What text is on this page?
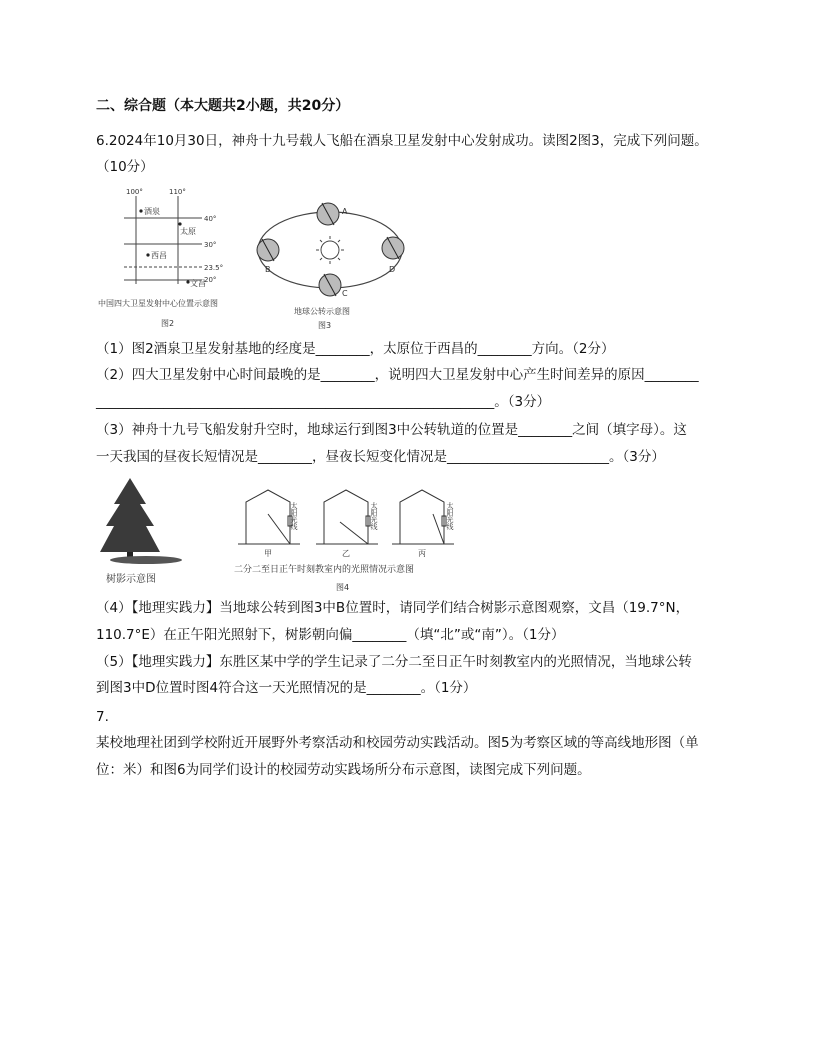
二、综合题（本大题共2小题，共20分）
6.2024年10月30日，神舟十九号载人飞船在酒泉卫星发射中心发射成功。读图2图3，完成下列问题。
（10分）
100°	110°
40°
30°
23.5°
20°
酒泉
太原
西昌
文昌
中国四大卫星发射中心位置示意图
图2
A
B
C
D
地球公转示意图
图3
（1）图2酒泉卫星发射基地的经度是________，太原位于西昌的________方向。（2分）
（2）四大卫星发射中心时间最晚的是________，说明四大卫星发射中心产生时间差异的原因________
___________________________________________________________。（3分）
（3）神舟十九号飞船发射升空时，地球运行到图3中公转轨道的位置是________之间（填字母）。这
一天我国的昼夜长短情况是________，昼夜长短变化情况是________________________。（3分）
树影示意图
太阳光线	太阳光线	太阳光线
甲	乙	丙
二分二至日正午时刻教室内的光照情况示意图
图4
（4）【地理实践力】当地球公转到图3中B位置时，请同学们结合树影示意图观察，文昌（19.7°N，
110.7°E）在正午阳光照射下，树影朝向偏________（填“北”或“南”）。（1分）
（5）【地理实践力】东胜区某中学的学生记录了二分二至日正午时刻教室内的光照情况，当地球公转
到图3中D位置时图4符合这一天光照情况的是________。（1分）
7.
某校地理社团到学校附近开展野外考察活动和校园劳动实践活动。图5为考察区域的等高线地形图（单
位：米）和图6为同学们设计的校园劳动实践场所分布示意图，读图完成下列问题。
